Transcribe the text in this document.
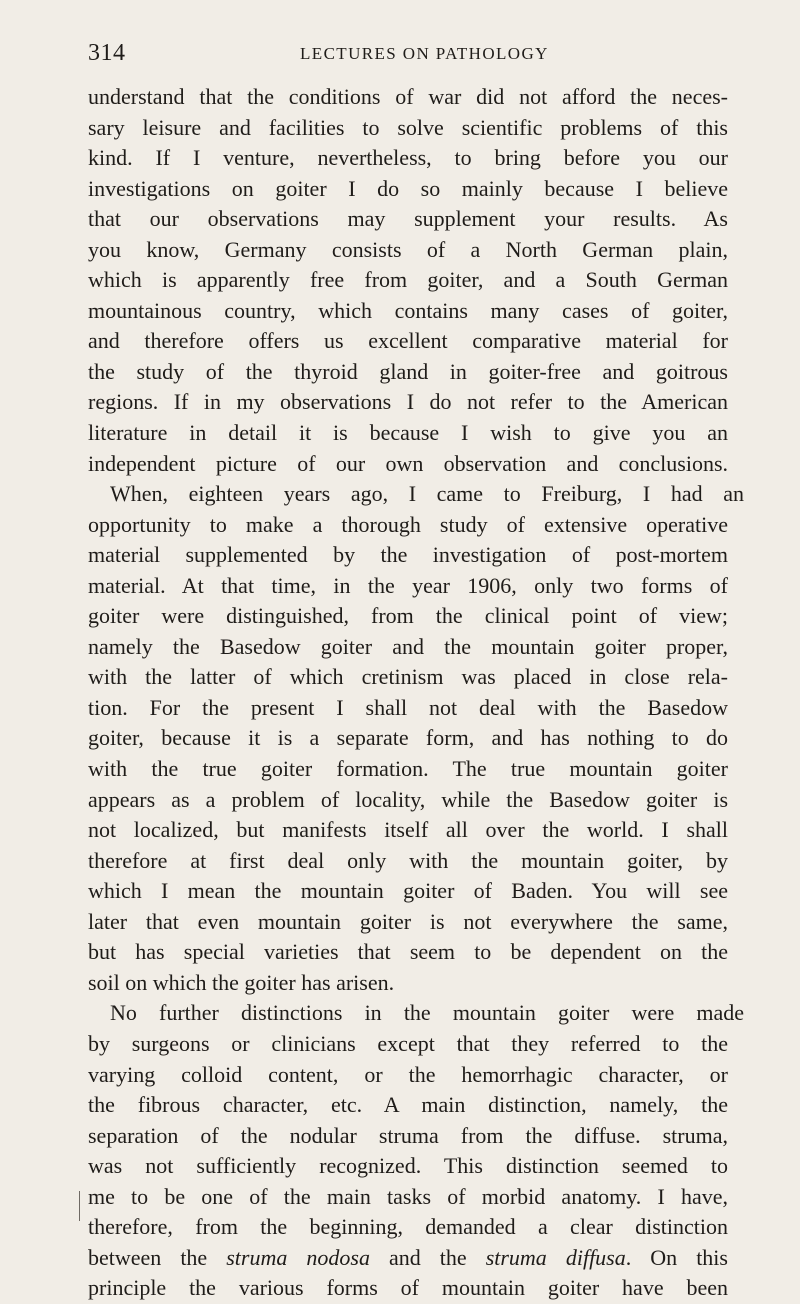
314	LECTURES ON PATHOLOGY
understand that the conditions of war did not afford the neces-
sary leisure and facilities to solve scientific problems of this
kind. If I venture, nevertheless, to bring before you our
investigations on goiter I do so mainly because I believe
that our observations may supplement your results. As
you know, Germany consists of a North German plain,
which is apparently free from goiter, and a South German
mountainous country, which contains many cases of goiter,
and therefore offers us excellent comparative material for
the study of the thyroid gland in goiter-free and goitrous
regions. If in my observations I do not refer to the American
literature in detail it is because I wish to give you an
independent picture of our own observation and conclusions.
When, eighteen years ago, I came to Freiburg, I had an
opportunity to make a thorough study of extensive operative
material supplemented by the investigation of post-mortem
material. At that time, in the year 1906, only two forms of
goiter were distinguished, from the clinical point of view;
namely the Basedow goiter and the mountain goiter proper,
with the latter of which cretinism was placed in close rela-
tion. For the present I shall not deal with the Basedow
goiter, because it is a separate form, and has nothing to do
with the true goiter formation. The true mountain goiter
appears as a problem of locality, while the Basedow goiter is
not localized, but manifests itself all over the world. I shall
therefore at first deal only with the mountain goiter, by
which I mean the mountain goiter of Baden. You will see
later that even mountain goiter is not everywhere the same,
but has special varieties that seem to be dependent on the
soil on which the goiter has arisen.
No further distinctions in the mountain goiter were made
by surgeons or clinicians except that they referred to the
varying colloid content, or the hemorrhagic character, or
the fibrous character, etc. A main distinction, namely, the
separation of the nodular struma from the diffuse. struma,
was not sufficiently recognized. This distinction seemed to
me to be one of the main tasks of morbid anatomy. I have,
therefore, from the beginning, demanded a clear distinction
between the struma nodosa and the struma diffusa. On this
principle the various forms of mountain goiter have been
